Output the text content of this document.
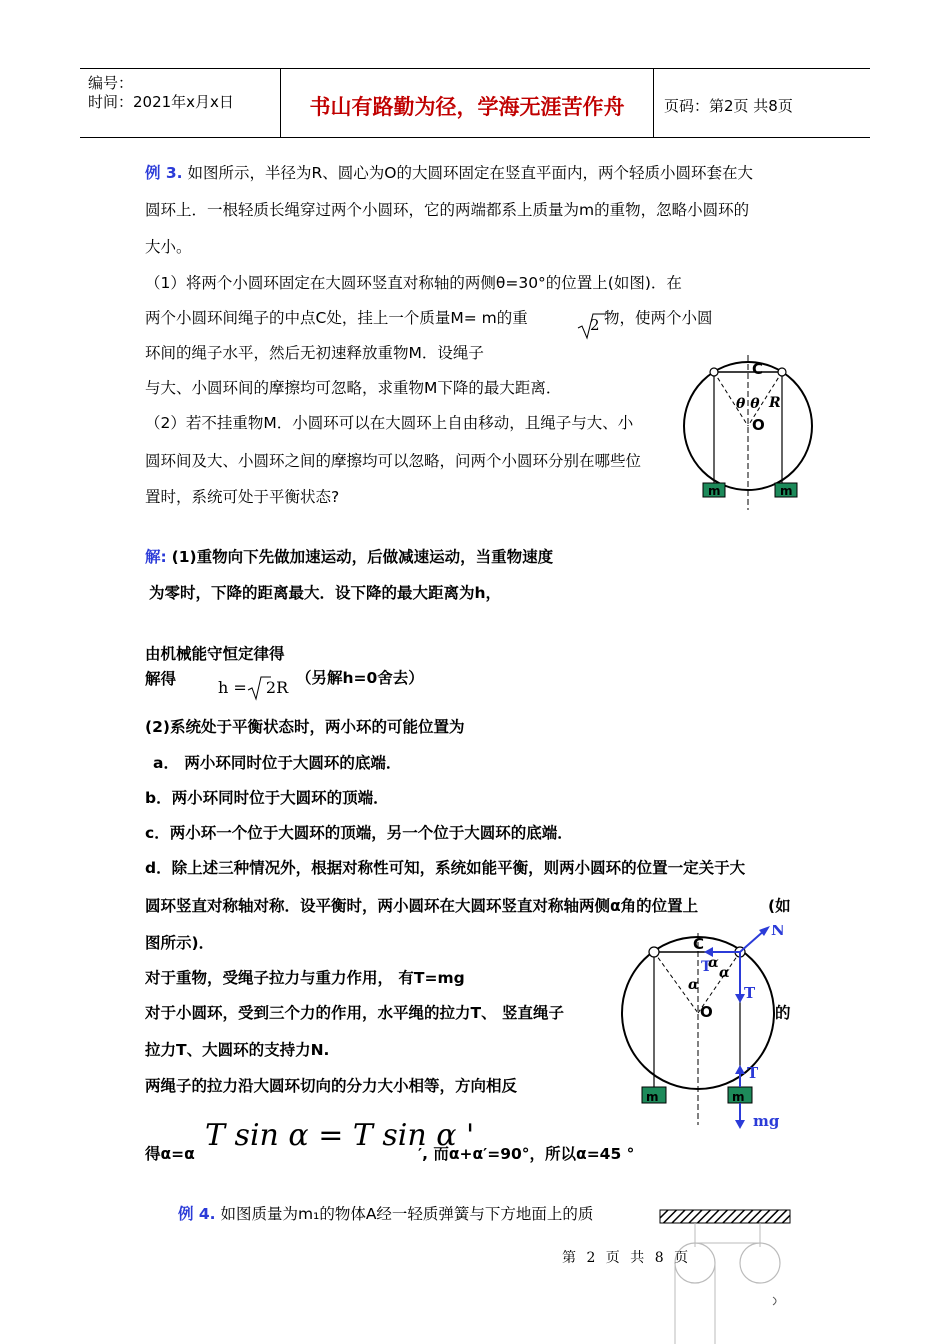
编号：
时间：2021年x月x日	书山有路勤为径，学海无涯苦作舟	页码：第2页 共8页
例 3. 如图所示，半径为R、圆心为O的大圆环固定在竖直平面内，两个轻质小圆环套在大
圆环上．一根轻质长绳穿过两个小圆环，它的两端都系上质量为m的重物，忽略小圆环的
大小。
（1）将两个小圆环固定在大圆环竖直对称轴的两侧θ=30°的位置上(如图)．在
两个小圆环间绳子的中点C处，挂上一个质量M= m的重	物，使两个小圆
2
环间的绳子水平，然后无初速释放重物M．设绳子
与大、小圆环间的摩擦均可忽略，求重物M下降的最大距离．
（2）若不挂重物M．小圆环可以在大圆环上自由移动，且绳子与大、小
圆环间及大、小圆环之间的摩擦均可以忽略，问两个小圆环分别在哪些位
置时，系统可处于平衡状态?
C
O
θ θ R
m	m
解: (1)重物向下先做加速运动，后做减速运动，当重物速度
为零时，下降的距离最大．设下降的最大距离为h，
由机械能守恒定律得
解得	h = 2R （另解h=0舍去）
(2)系统处于平衡状态时，两小环的可能位置为
a． 两小环同时位于大圆环的底端．
b．两小环同时位于大圆环的顶端．
c．两小环一个位于大圆环的顶端，另一个位于大圆环的底端．
d．除上述三种情况外，根据对称性可知，系统如能平衡，则两小圆环的位置一定关于大
圆环竖直对称轴对称．设平衡时，两小圆环在大圆环竖直对称轴两侧α角的位置上	(如
图所示)．
对于重物，受绳子拉力与重力作用， 有T=mg
对于小圆环，受到三个力的作用，水平绳的拉力T、 竖直绳子	的
拉力T、大圆环的支持力N.
两绳子的拉力沿大圆环切向的分力大小相等，方向相反
得α=α
T sin α = T sin α '
′, 而α+α′=90°，所以α=45 °
C
O
N
T
T
T
mg
α
α
α
m	m
例 4. 如图质量为m₁的物体A经一轻质弹簧与下方地面上的质
第 2 页 共 8 页
